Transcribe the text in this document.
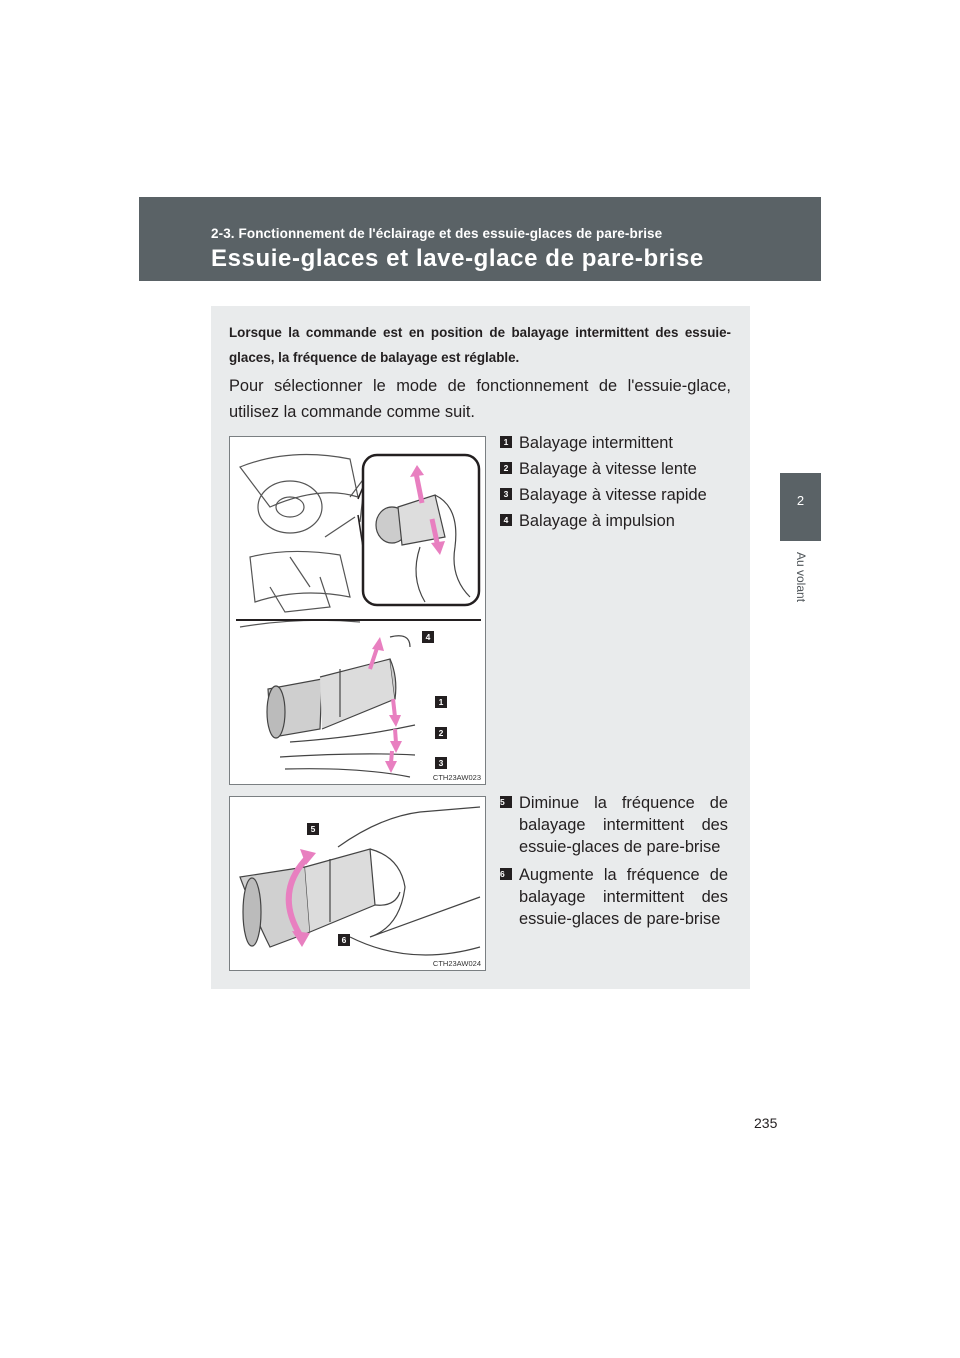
2-3. Fonctionnement de l'éclairage et des essuie-glaces de pare-brise
Essuie-glaces et lave-glace de pare-brise
2
Au volant
Lorsque la commande est en position de balayage intermittent des essuie-glaces, la fréquence de balayage est réglable.
Pour sélectionner le mode de fonctionnement de l'essuie-glace, utilisez la commande comme suit.
4
1
2
3
CTH23AW023
1 Balayage intermittent
2 Balayage à vitesse lente
3 Balayage à vitesse rapide
4 Balayage à impulsion
5
6
CTH23AW024
5 Diminue la fréquence de balayage intermittent des essuie-glaces de pare-brise
6 Augmente la fréquence de balayage intermittent des essuie-glaces de pare-brise
235
